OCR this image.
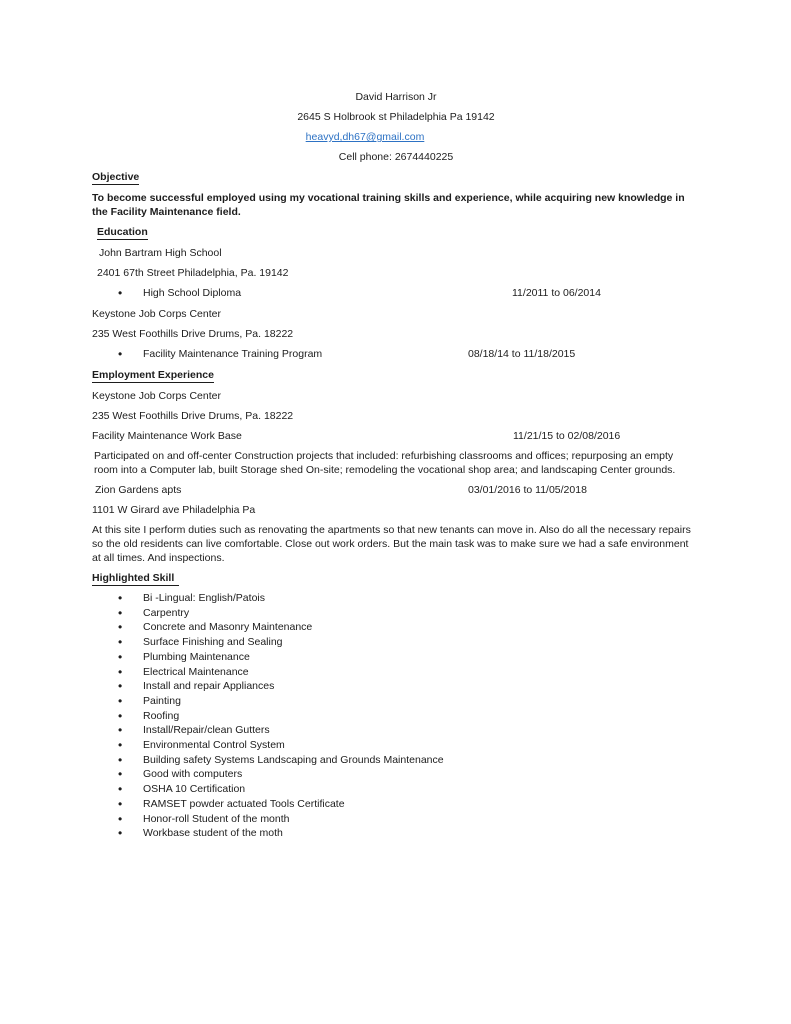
David Harrison Jr

2645 S Holbrook st Philadelphia Pa 19142

heavyd,dh67@gmail.com

Cell phone: 2674440225

Objective

To become successful employed using my vocational training skills and experience, while acquiring new knowledge in the Facility Maintenance field.

Education

John Bartram High School

2401 67th Street Philadelphia, Pa. 19142

•
High School Diploma	11/2011 to 06/2014

Keystone Job Corps Center

235 West Foothills Drive Drums, Pa. 18222

•
Facility Maintenance Training Program	08/18/14 to 11/18/2015

Employment Experience

Keystone Job Corps Center

235 West Foothills Drive Drums, Pa. 18222

Facility Maintenance Work Base	11/21/15 to 02/08/2016

Participated on and off-center Construction projects that included: refurbishing classrooms and offices; repurposing an empty room into a Computer lab, built Storage shed On-site; remodeling the vocational shop area; and landscaping Center grounds.

Zion Gardens apts	03/01/2016 to 11/05/2018

1101 W Girard ave Philadelphia Pa

At this site I perform duties such as renovating the apartments so that new tenants can move in. Also do all the necessary repairs so the old residents can live comfortable. Close out work orders. But the main task was to make sure we had a safe environment at all times. And inspections.

Highlighted Skill

•
Bi -Lingual: English/Patois
•
Carpentry
•
Concrete and Masonry Maintenance
•
Surface Finishing and Sealing
•
Plumbing Maintenance
•
Electrical Maintenance
•
Install and repair Appliances
•
Painting
•
Roofing
•
Install/Repair/clean Gutters
•
Environmental Control System
•
Building safety Systems Landscaping and Grounds Maintenance
•
Good with computers
•
OSHA 10 Certification
•
RAMSET powder actuated Tools Certificate
•
Honor-roll Student of the month
•
Workbase student of the moth
